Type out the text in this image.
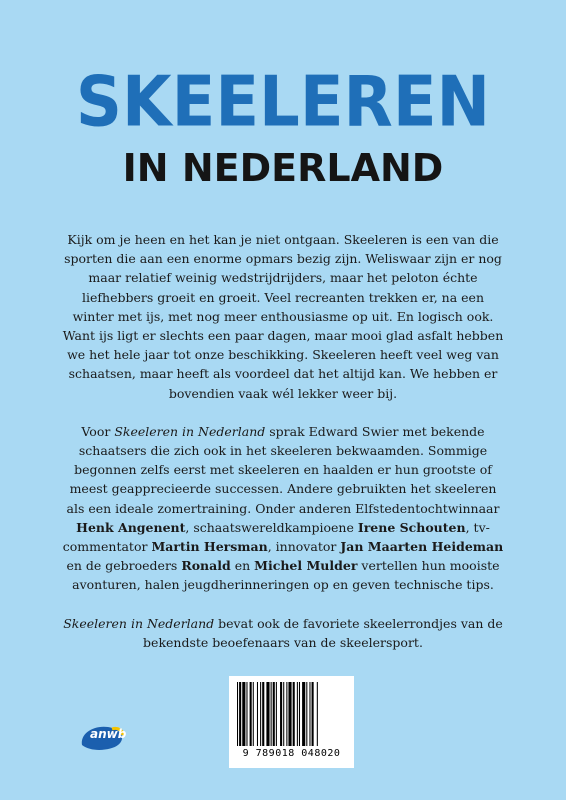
SKEELEREN
IN NEDERLAND

Kijk om je heen en het kan je niet ontgaan. Skeeleren is een van die sporten die aan een enorme opmars bezig zijn. Weliswaar zijn er nog maar relatief weinig wedstrijdrijders, maar het peloton échte liefhebbers groeit en groeit. Veel recreanten trekken er, na een winter met ijs, met nog meer enthousiasme op uit. En logisch ook. Want ijs ligt er slechts een paar dagen, maar mooi glad asfalt hebben we het hele jaar tot onze beschikking. Skeeleren heeft veel weg van schaatsen, maar heeft als voordeel dat het altijd kan. We hebben er bovendien vaak wél lekker weer bij.

Voor Skeeleren in Nederland sprak Edward Swier met bekende schaatsers die zich ook in het skeeleren bekwaamden. Sommige begonnen zelfs eerst met skeeleren en haalden er hun grootste of meest geapprecieerde successen. Andere gebruikten het skeeleren als een ideale zomertraining. Onder anderen Elfstedentochtwinnaar Henk Angenent, schaatswereldkampioene Irene Schouten, tv-commentator Martin Hersman, innovator Jan Maarten Heideman en de gebroeders Ronald en Michel Mulder vertellen hun mooiste avonturen, halen jeugdherinneringen op en geven technische tips.

Skeeleren in Nederland bevat ook de favoriete skeelerrondjes van de bekendste beoefenaars van de skeelersport.

9 789018 048020
anwb
